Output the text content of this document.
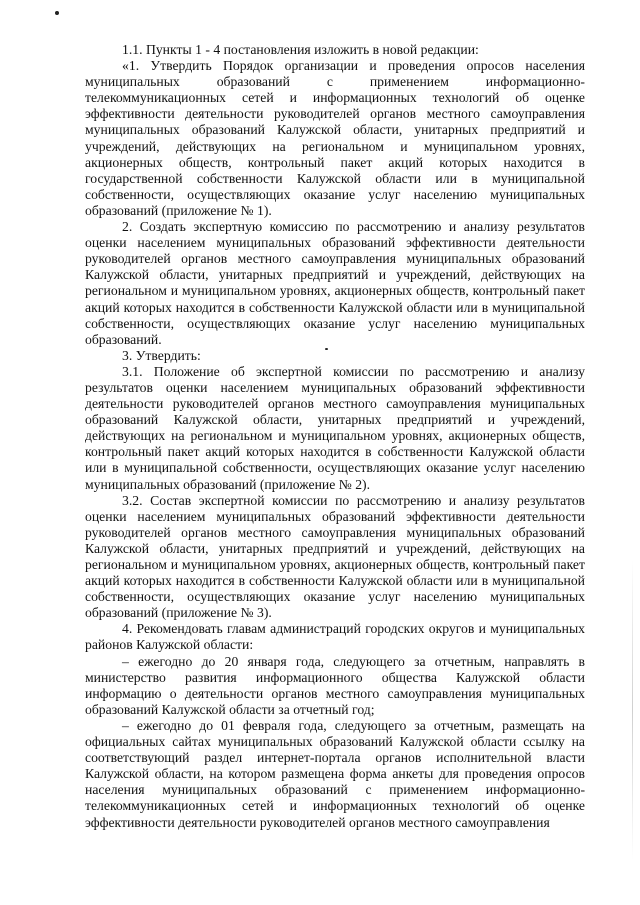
1.1. Пункты 1 - 4 постановления изложить в новой редакции:

«1. Утвердить Порядок организации и проведения опросов населения муниципальных образований с применением информационно-телекоммуникационных сетей и информационных технологий об оценке эффективности деятельности руководителей органов местного самоуправления муниципальных образований Калужской области, унитарных предприятий и учреждений, действующих на региональном и муниципальном уровнях, акционерных обществ, контрольный пакет акций которых находится в государственной собственности Калужской области или в муниципальной собственности, осуществляющих оказание услуг населению муниципальных образований (приложение № 1).

2. Создать экспертную комиссию по рассмотрению и анализу результатов оценки населением муниципальных образований эффективности деятельности руководителей органов местного самоуправления муниципальных образований Калужской области, унитарных предприятий и учреждений, действующих на региональном и муниципальном уровнях, акционерных обществ, контрольный пакет акций которых находится в собственности Калужской области или в муниципальной собственности, осуществляющих оказание услуг населению муниципальных образований.

3. Утвердить:

3.1. Положение об экспертной комиссии по рассмотрению и анализу результатов оценки населением муниципальных образований эффективности деятельности руководителей органов местного самоуправления муниципальных образований Калужской области, унитарных предприятий и учреждений, действующих на региональном и муниципальном уровнях, акционерных обществ, контрольный пакет акций которых находится в собственности Калужской области или в муниципальной собственности, осуществляющих оказание услуг населению муниципальных образований (приложение № 2).

3.2. Состав экспертной комиссии по рассмотрению и анализу результатов оценки населением муниципальных образований эффективности деятельности руководителей органов местного самоуправления муниципальных образований Калужской области, унитарных предприятий и учреждений, действующих на региональном и муниципальном уровнях, акционерных обществ, контрольный пакет акций которых находится в собственности Калужской области или в муниципальной собственности, осуществляющих оказание услуг населению муниципальных образований (приложение № 3).

4. Рекомендовать главам администраций городских округов и муниципальных районов Калужской области:

– ежегодно до 20 января года, следующего за отчетным, направлять в министерство развития информационного общества Калужской области информацию о деятельности органов местного самоуправления муниципальных образований Калужской области за отчетный год;

– ежегодно до 01 февраля года, следующего за отчетным, размещать на официальных сайтах муниципальных образований Калужской области ссылку на соответствующий раздел интернет-портала органов исполнительной власти Калужской области, на котором размещена форма анкеты для проведения опросов населения муниципальных образований с применением информационно-телекоммуникационных сетей и информационных технологий об оценке эффективности деятельности руководителей органов местного самоуправления
